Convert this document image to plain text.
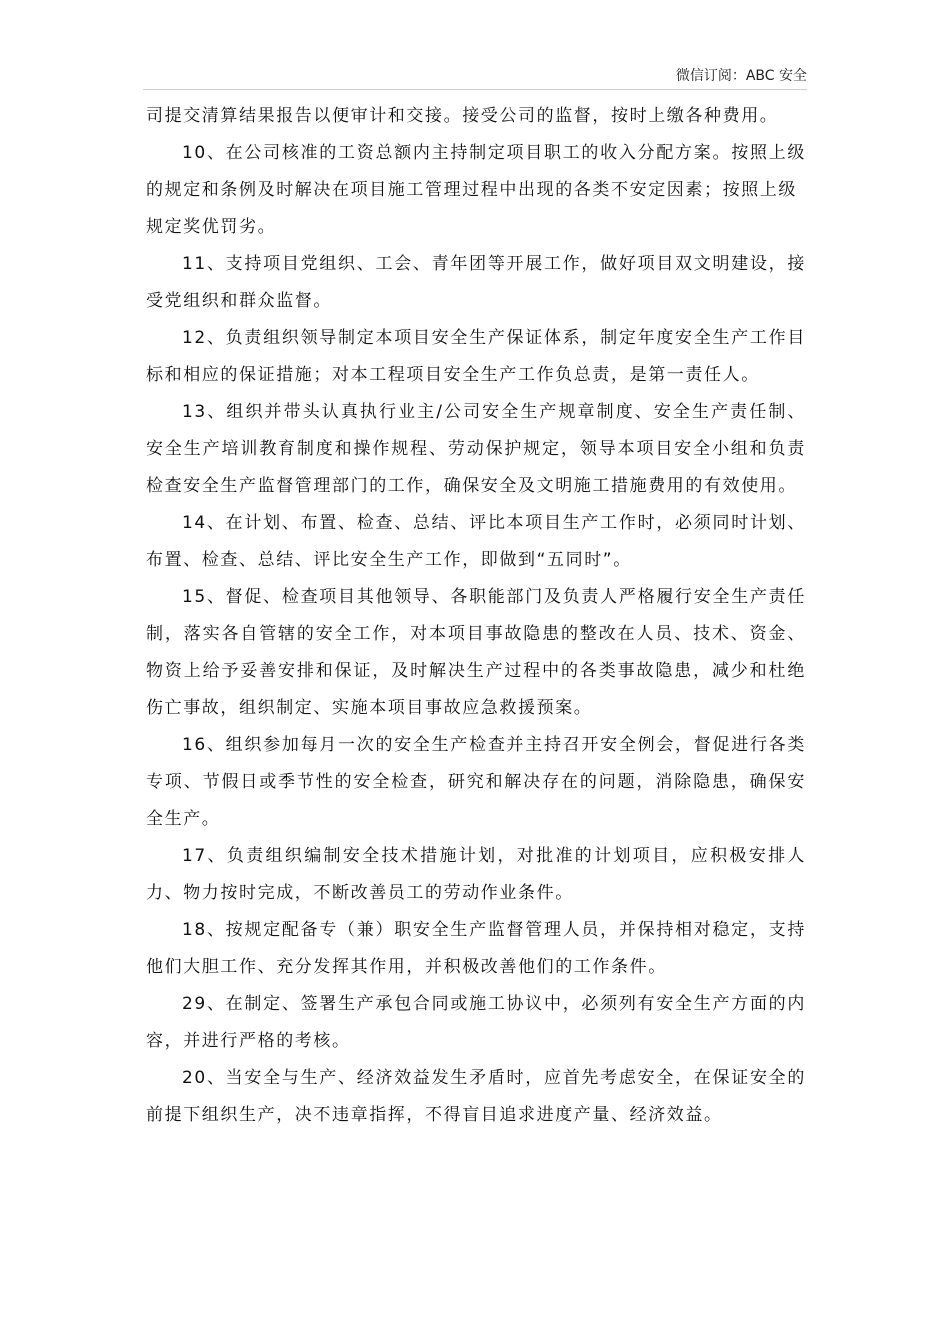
微信订阅：ABC 安全

司提交清算结果报告以便审计和交接。接受公司的监督，按时上缴各种费用。

10、在公司核准的工资总额内主持制定项目职工的收入分配方案。按照上级的规定和条例及时解决在项目施工管理过程中出现的各类不安定因素；按照上级

规定奖优罚劣。

11、支持项目党组织、工会、青年团等开展工作，做好项目双文明建设，接受党组织和群众监督。

12、负责组织领导制定本项目安全生产保证体系，制定年度安全生产工作目标和相应的保证措施；对本工程项目安全生产工作负总责，是第一责任人。

13、组织并带头认真执行业主/公司安全生产规章制度、安全生产责任制、安全生产培训教育制度和操作规程、劳动保护规定，领导本项目安全小组和负责检查安全生产监督管理部门的工作，确保安全及文明施工措施费用的有效使用。

14、在计划、布置、检查、总结、评比本项目生产工作时，必须同时计划、布置、检查、总结、评比安全生产工作，即做到“五同时”。

15、督促、检查项目其他领导、各职能部门及负责人严格履行安全生产责任制，落实各自管辖的安全工作，对本项目事故隐患的整改在人员、技术、资金、物资上给予妥善安排和保证，及时解决生产过程中的各类事故隐患，减少和杜绝伤亡事故，组织制定、实施本项目事故应急救援预案。

16、组织参加每月一次的安全生产检查并主持召开安全例会，督促进行各类专项、节假日或季节性的安全检查，研究和解决存在的问题，消除隐患，确保安全生产。

17、负责组织编制安全技术措施计划，对批准的计划项目，应积极安排人力、物力按时完成，不断改善员工的劳动作业条件。

18、按规定配备专（兼）职安全生产监督管理人员，并保持相对稳定，支持他们大胆工作、充分发挥其作用，并积极改善他们的工作条件。

29、在制定、签署生产承包合同或施工协议中，必须列有安全生产方面的内容，并进行严格的考核。

20、当安全与生产、经济效益发生矛盾时，应首先考虑安全，在保证安全的前提下组织生产，决不违章指挥，不得盲目追求进度产量、经济效益。
